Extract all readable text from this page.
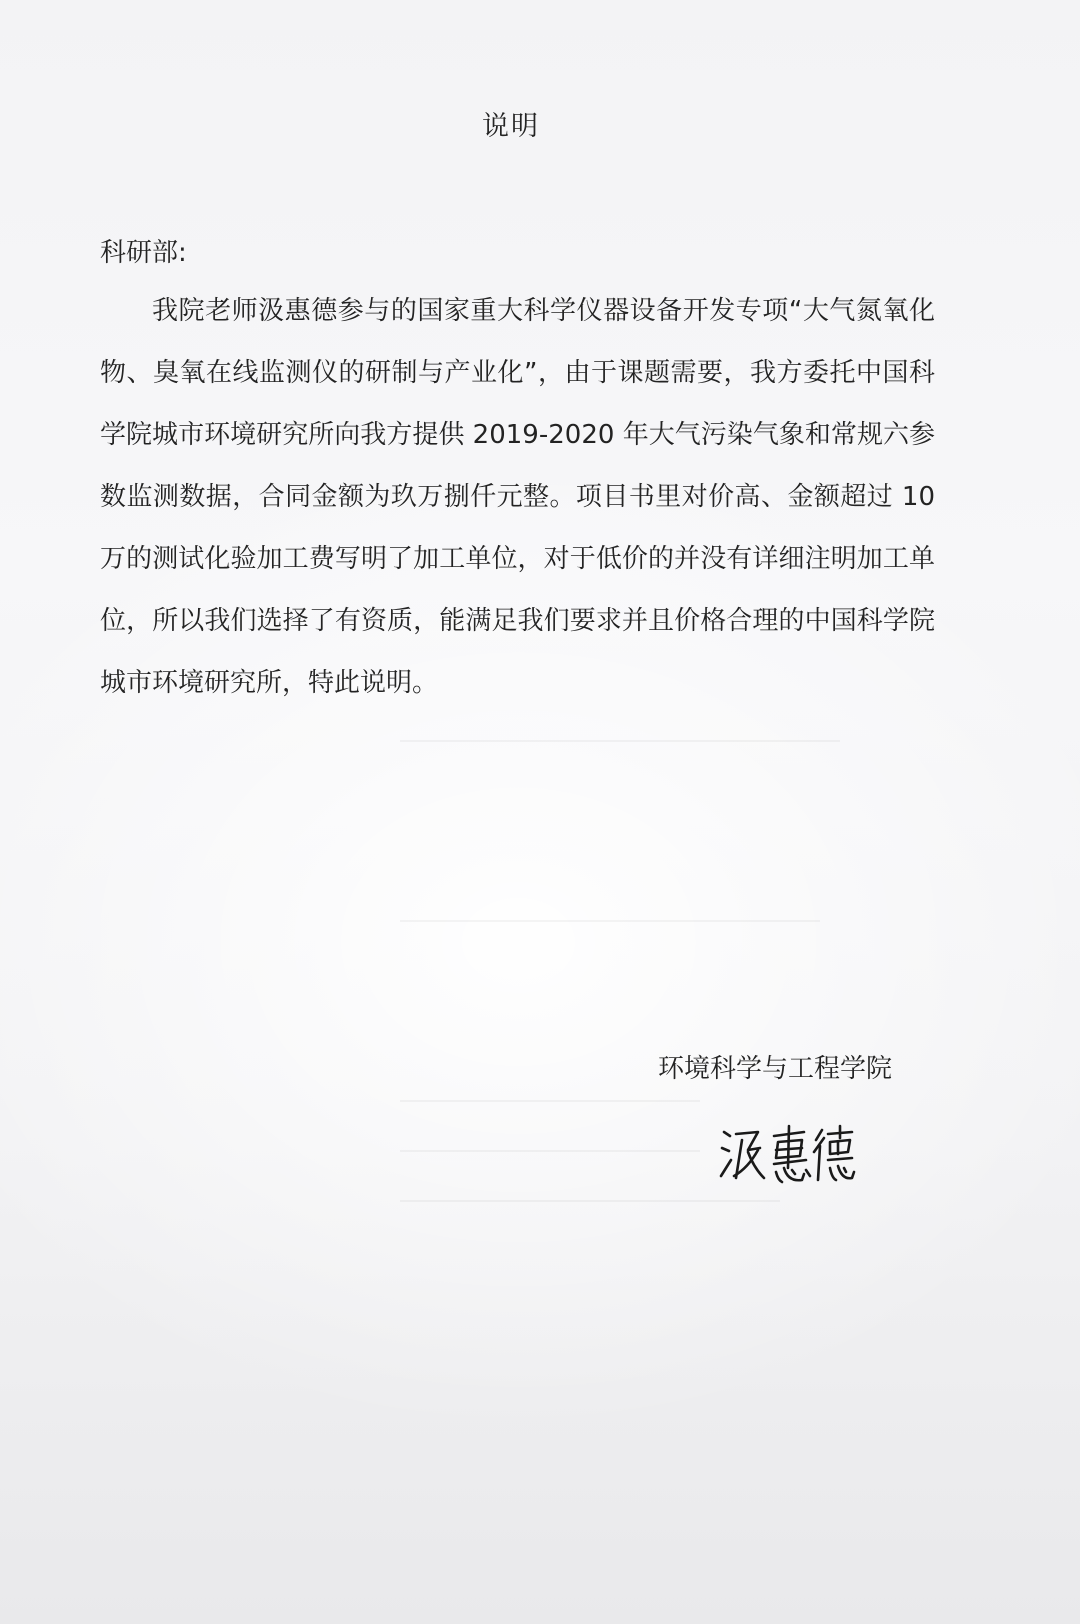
说明
科研部:

我院老师汲惠德参与的国家重大科学仪器设备开发专项“大气氮氧化物、臭氧在线监测仪的研制与产业化”，由于课题需要，我方委托中国科学院城市环境研究所向我方提供 2019-2020 年大气污染气象和常规六参数监测数据，合同金额为玖万捌仟元整。项目书里对价高、金额超过 10 万的测试化验加工费写明了加工单位，对于低价的并没有详细注明加工单位，所以我们选择了有资质，能满足我们要求并且价格合理的中国科学院城市环境研究所，特此说明。

环境科学与工程学院
